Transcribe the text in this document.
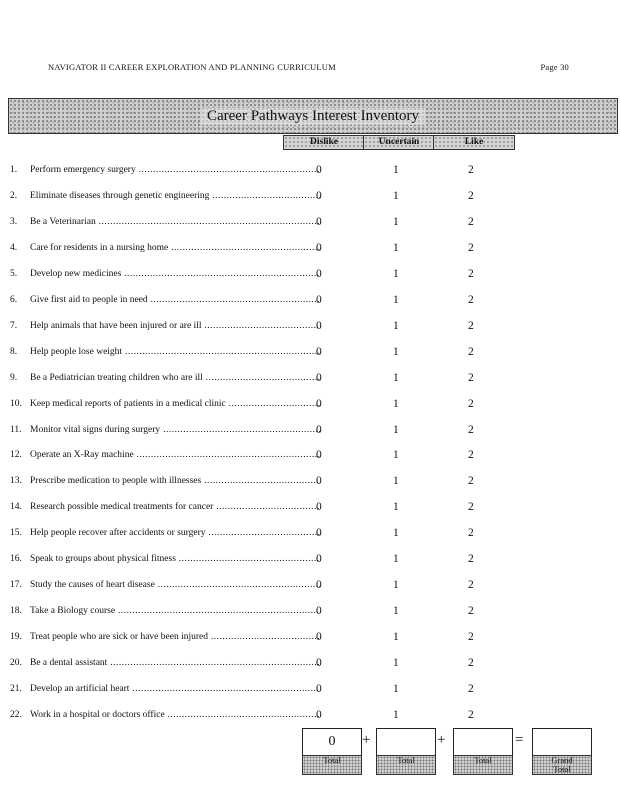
NAVIGATOR II CAREER EXPLORATION AND PLANNING CURRICULUM	Page 30
Career Pathways Interest Inventory
Dislike	Uncertain	Like
1.	Perform emergency surgery .....	0	1	2
2.	Eliminate diseases through genetic engineering .....	0	1	2
3.	Be a Veterinarian .....	0	1	2
4.	Care for residents in a nursing home .....	0	1	2
5.	Develop new medicines .....	0	1	2
6.	Give first aid to people in need .....	0	1	2
7.	Help animals that have been injured or are ill .....	0	1	2
8.	Help people lose weight .....	0	1	2
9.	Be a Pediatrician treating children who are ill .....	0	1	2
10. Keep medical reports of patients in a medical clinic .....	0	1	2
11. Monitor vital signs during surgery .....	0	1	2
12. Operate an X-Ray machine .....	0	1	2
13. Prescribe medication to people with illnesses .....	0	1	2
14. Research possible medical treatments for cancer .....	0	1	2
15. Help people recover after accidents or surgery .....	0	1	2
16. Speak to groups about physical fitness .....	0	1	2
17. Study the causes of heart disease .....	0	1	2
18. Take a Biology course .....	0	1	2
19. Treat people who are sick or have been injured .....	0	1	2
20. Be a dental assistant .....	0	1	2
21. Develop an artificial heart .....	0	1	2
22. Work in a hospital or doctors office .....	0	1	2
0
Total
+
Total
+
Total
=
Grand
Total
